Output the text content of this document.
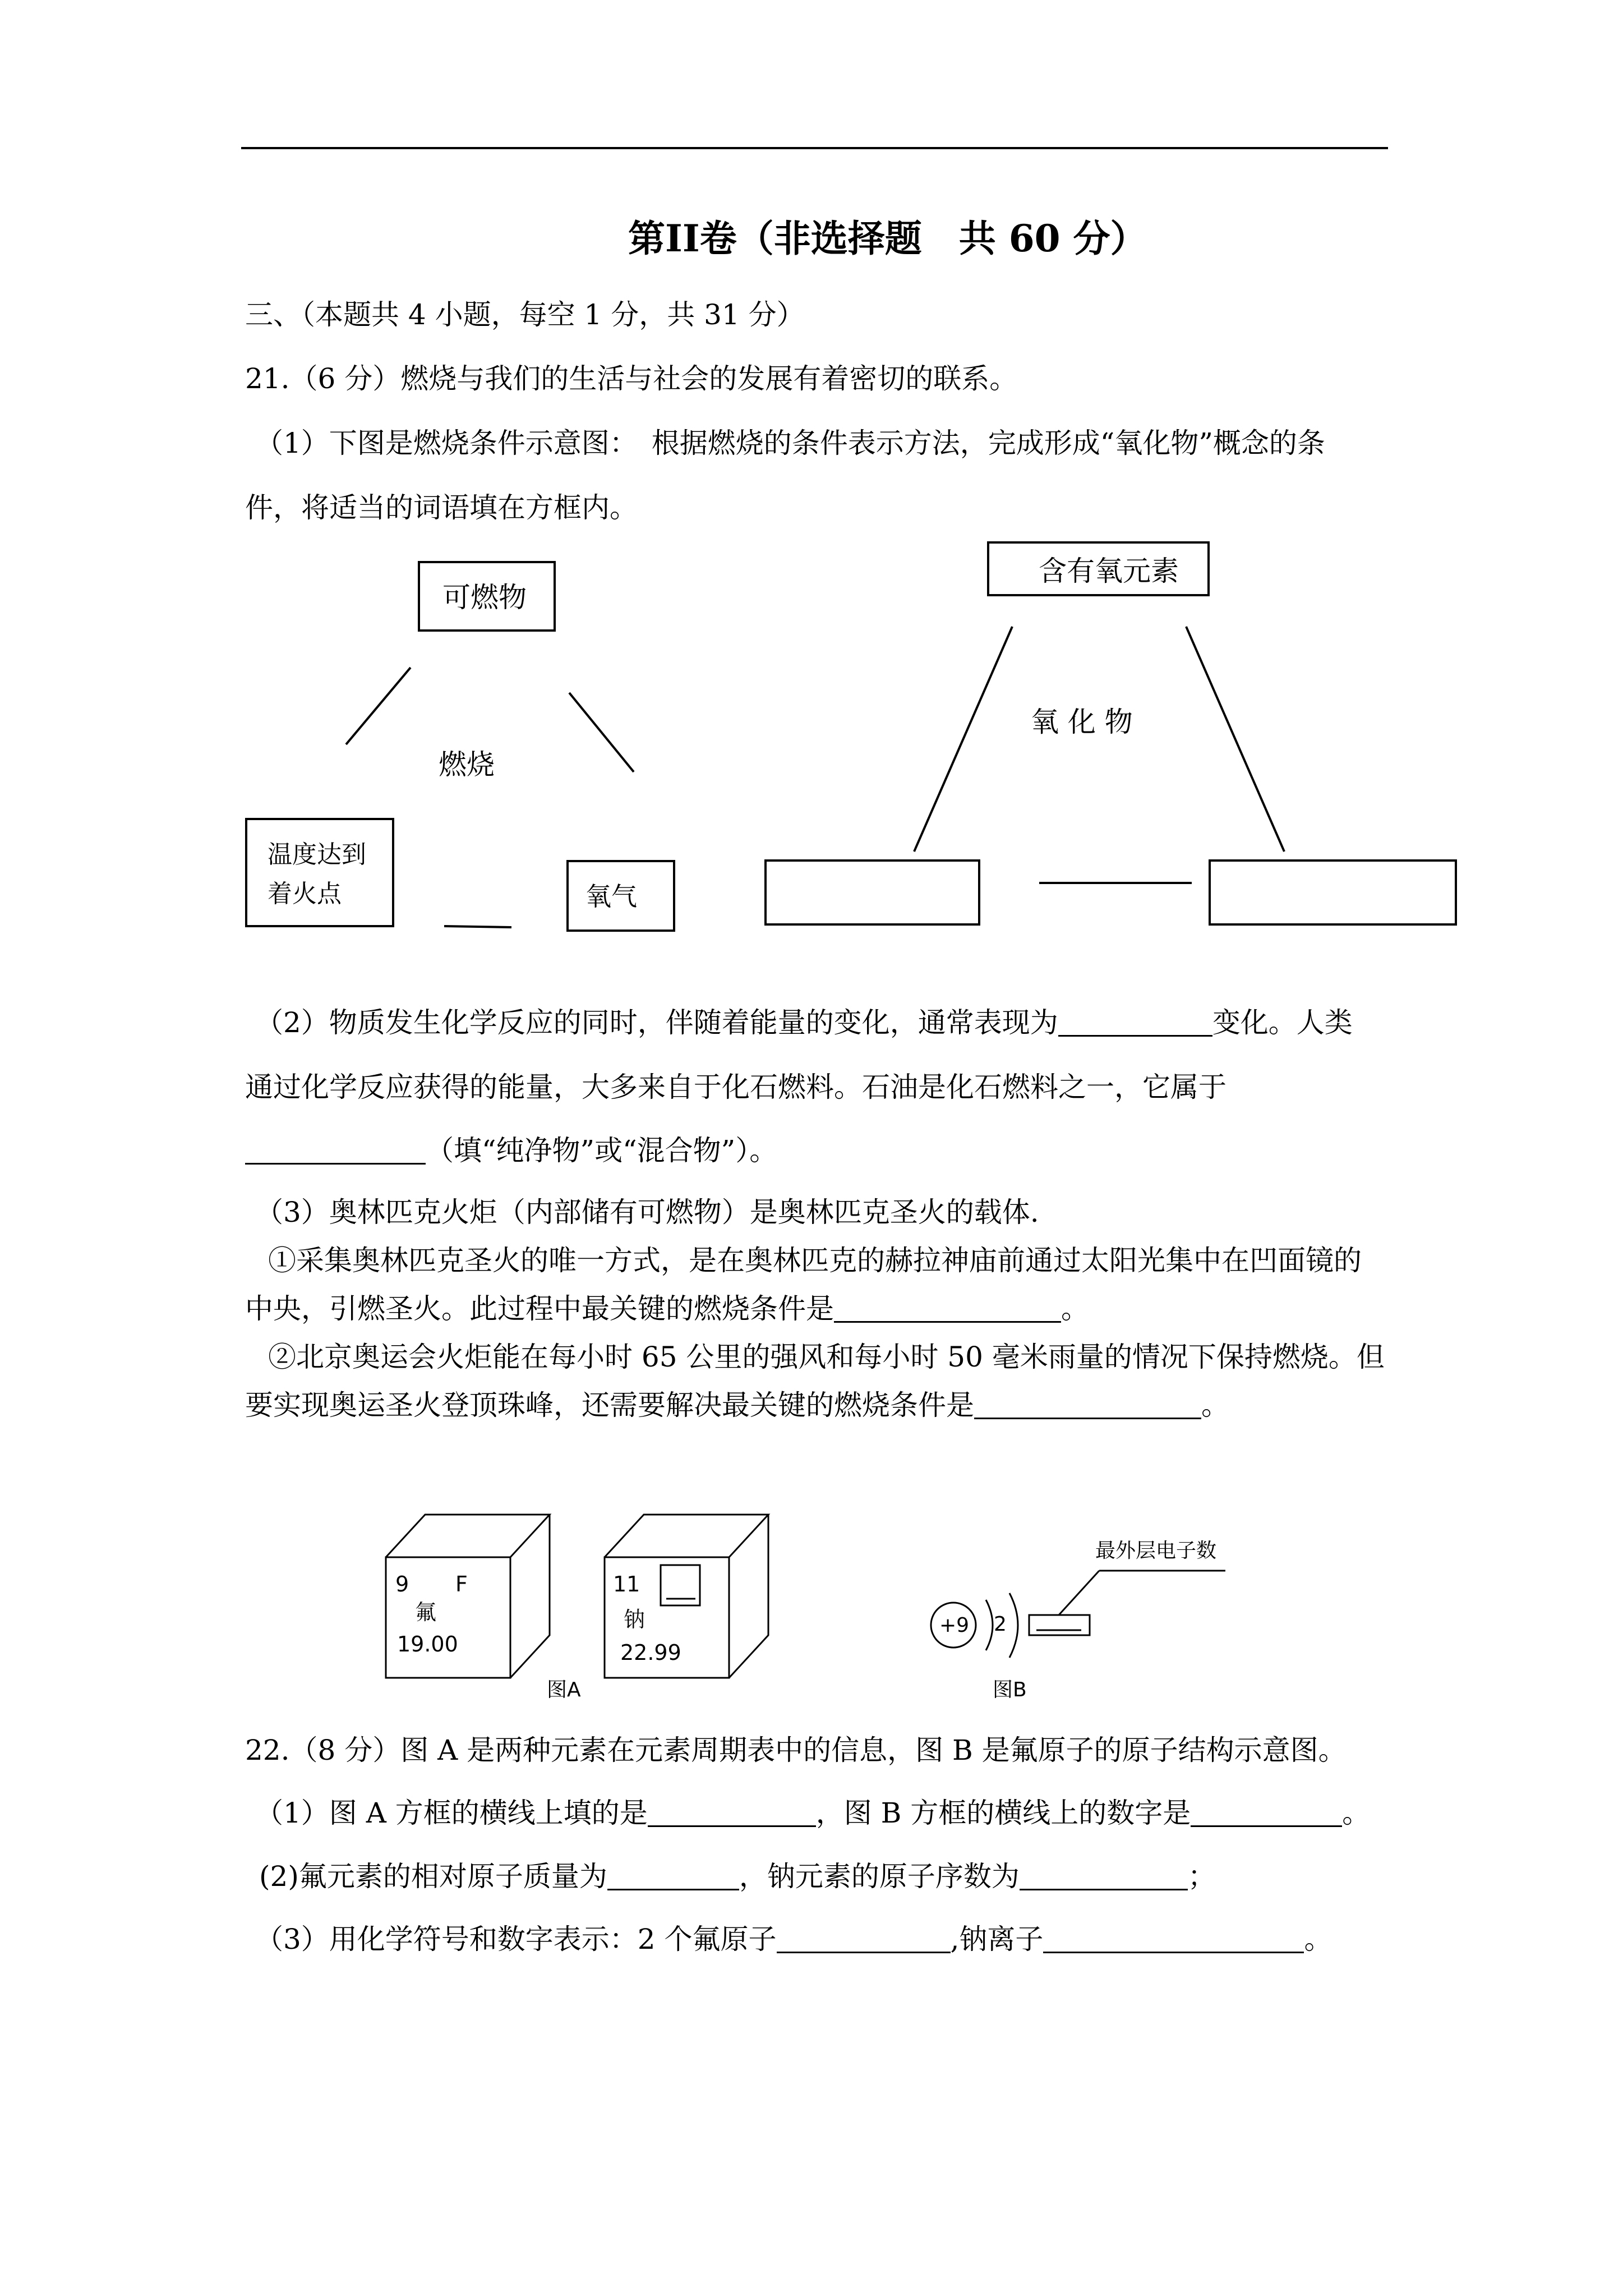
第II卷（非选择题　共 60 分）
三、（本题共 4 小题，每空 1 分，共 31 分）
21.（6 分）燃烧与我们的生活与社会的发展有着密切的联系。
（1）下图是燃烧条件示意图：　根据燃烧的条件表示方法，完成形成“氧化物”概念的条
件，将适当的词语填在方框内。
可燃物
燃烧
温度达到
着火点	氧气
含有氧元素
氧 化 物
（2）物质发生化学反应的同时，伴随着能量的变化，通常表现为	变化。人类
通过化学反应获得的能量，大多来自于化石燃料。石油是化石燃料之一，它属于
（填“纯净物”或“混合物”）。
（3）奥林匹克火炬（内部储有可燃物）是奥林匹克圣火的载体.
①采集奥林匹克圣火的唯一方式，是在奥林匹克的赫拉神庙前通过太阳光集中在凹面镜的
中央，引燃圣火。此过程中最关键的燃烧条件是	。
②北京奥运会火炬能在每小时 65 公里的强风和每小时 50 毫米雨量的情况下保持燃烧。但
要实现奥运圣火登顶珠峰，还需要解决最关键的燃烧条件是	。
9 F
氟
19.00
11
钠
22.99
图A
+9 2
最外层电子数
图B
22.（8 分）图 A 是两种元素在元素周期表中的信息，图 B 是氟原子的原子结构示意图。
（1）图 A 方框的横线上填的是	，图 B 方框的横线上的数字是	。
(2)氟元素的相对原子质量为	，钠元素的原子序数为	；
（3）用化学符号和数字表示：2 个氟原子	,钠离子	。
